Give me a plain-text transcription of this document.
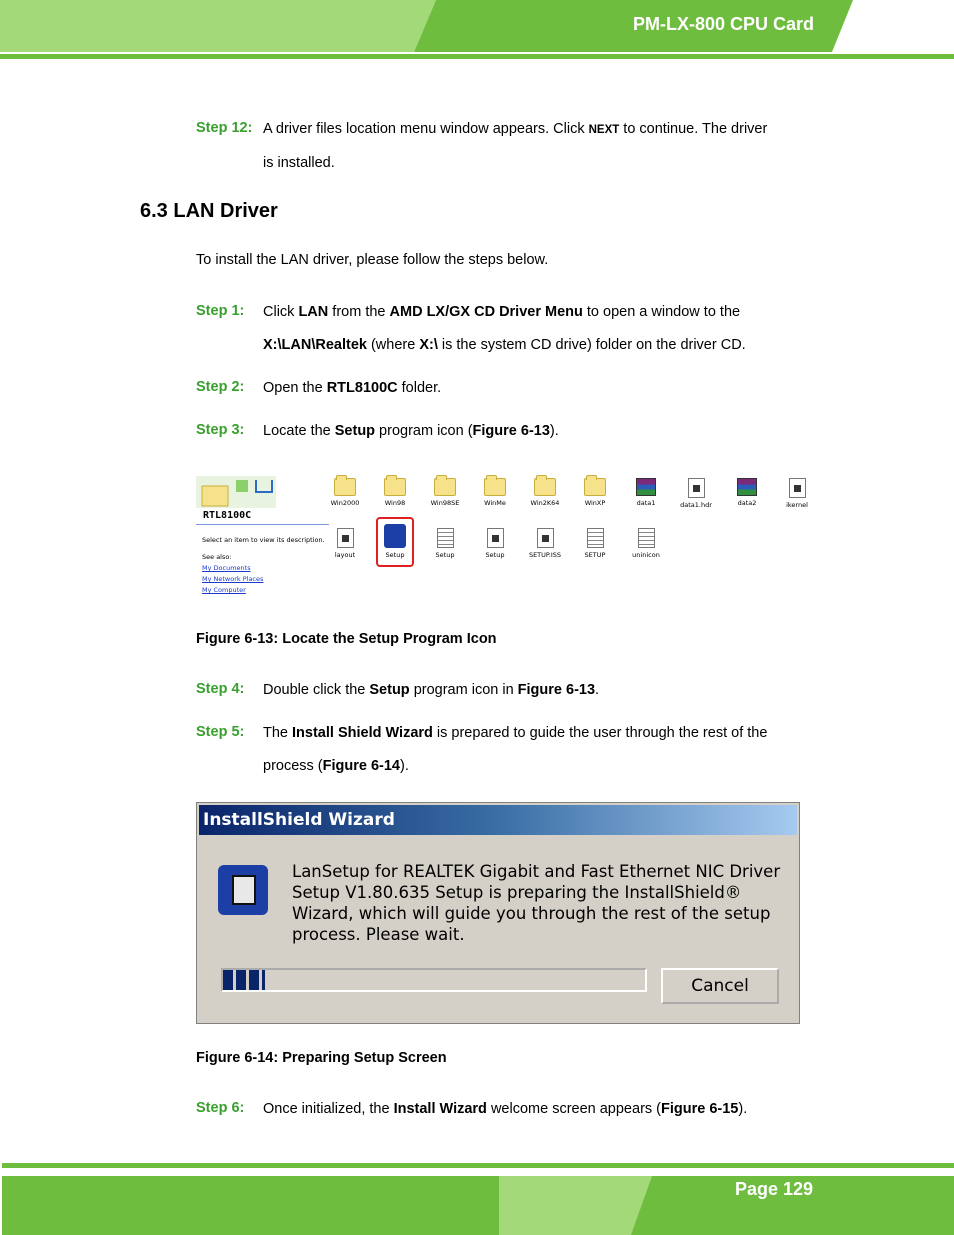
PM-LX-800 CPU Card
Step 12: A driver files location menu window appears. Click NEXT to continue. The driver
is installed.
6.3 LAN Driver
To install the LAN driver, please follow the steps below.
Step 1: Click LAN from the AMD LX/GX CD Driver Menu to open a window to the
X:\LAN\Realtek (where X:\ is the system CD drive) folder on the driver CD.
Step 2: Open the RTL8100C folder.
Step 3: Locate the Setup program icon (Figure 6-13).
RTL8100C
Select an item to view its description.
See also:
My Documents
My Network Places
My Computer
Win2000	Win98	Win98SE	WinMe	Win2K64	WinXP	data1	data1.hdr	data2	ikernel
layout	Setup	Setup	Setup	SETUP.ISS	SETUP	uninicon
Figure 6-13: Locate the Setup Program Icon
Step 4: Double click the Setup program icon in Figure 6-13.
Step 5: The Install Shield Wizard is prepared to guide the user through the rest of the
process (Figure 6-14).
InstallShield Wizard
LanSetup for REALTEK Gigabit and Fast Ethernet NIC Driver Setup V1.80.635 Setup is preparing the InstallShield® Wizard, which will guide you through the rest of the setup process. Please wait.
Cancel
Figure 6-14: Preparing Setup Screen
Step 6: Once initialized, the Install Wizard welcome screen appears (Figure 6-15).
Page 129
